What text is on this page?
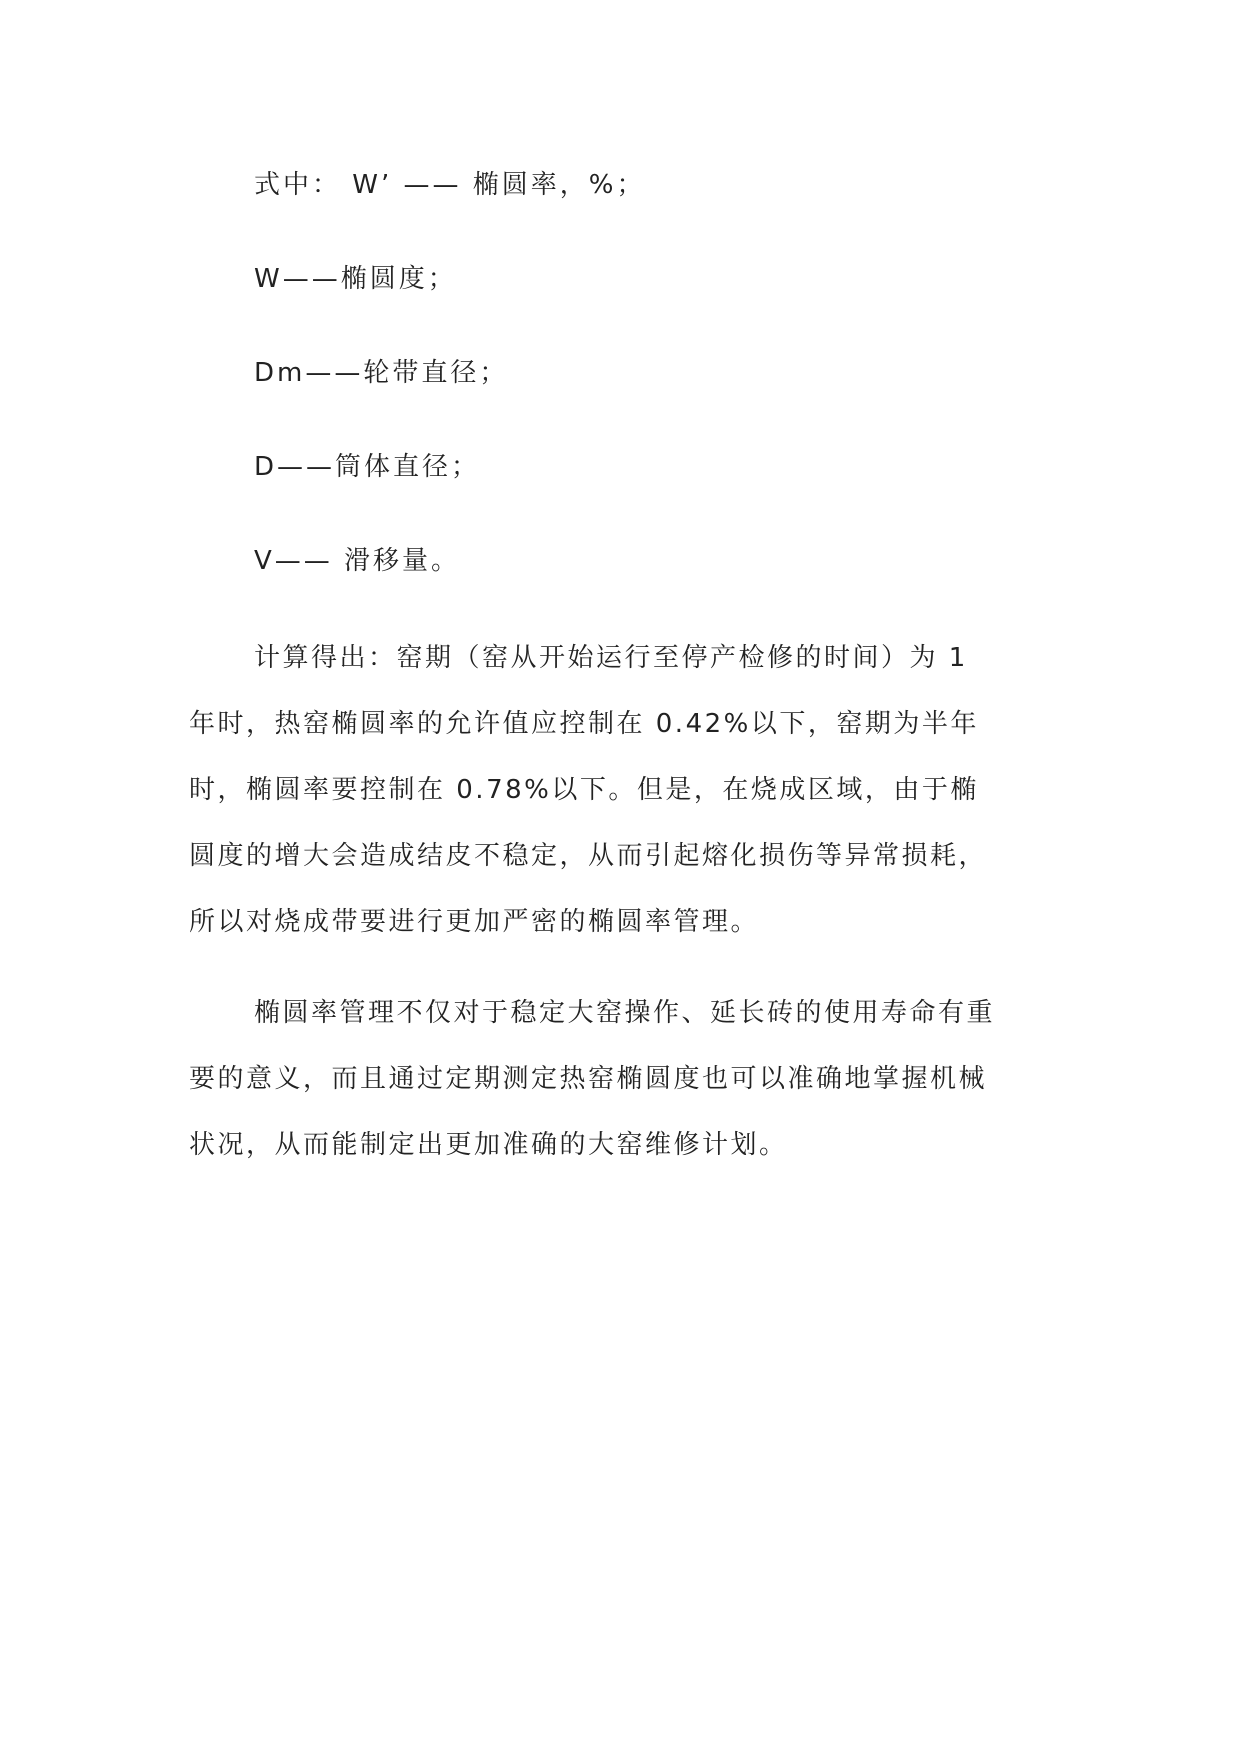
式中： W’ —— 椭圆率，%；
W——椭圆度；
Dm——轮带直径；
D——筒体直径；
V—— 滑移量。
计算得出：窑期（窑从开始运行至停产检修的时间）为 1
年时，热窑椭圆率的允许值应控制在 0.42%以下，窑期为半年
时，椭圆率要控制在 0.78%以下。但是，在烧成区域，由于椭
圆度的增大会造成结皮不稳定，从而引起熔化损伤等异常损耗，
所以对烧成带要进行更加严密的椭圆率管理。
椭圆率管理不仅对于稳定大窑操作、延长砖的使用寿命有重
要的意义，而且通过定期测定热窑椭圆度也可以准确地掌握机械
状况，从而能制定出更加准确的大窑维修计划。
